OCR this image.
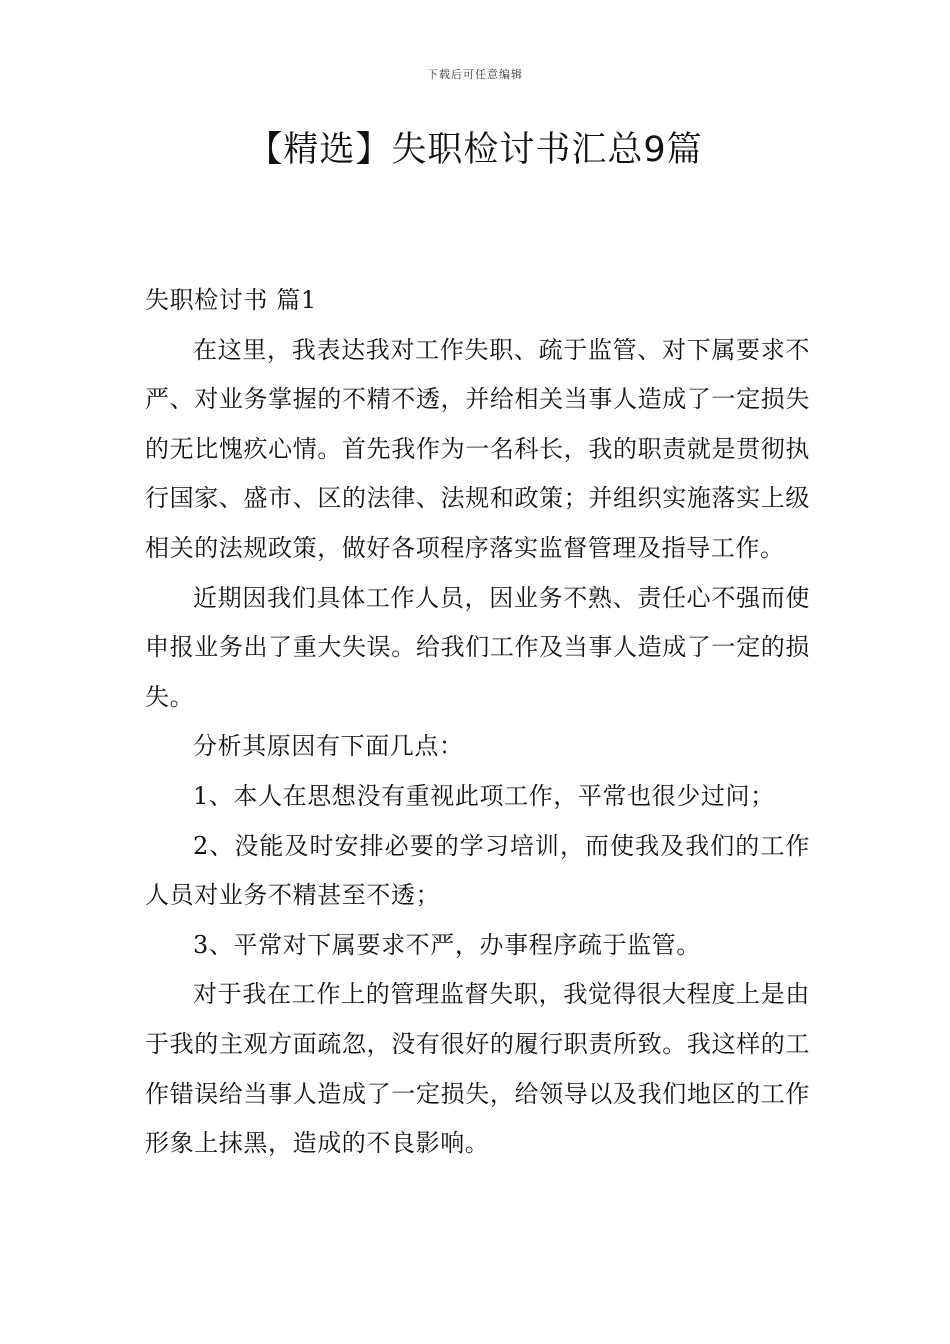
下载后可任意编辑
【精选】失职检讨书汇总9篇

失职检讨书 篇1

在这里，我表达我对工作失职、疏于监管、对下属要求不严、对业务掌握的不精不透，并给相关当事人造成了一定损失的无比愧疚心情。首先我作为一名科长，我的职责就是贯彻执行国家、盛市、区的法律、法规和政策；并组织实施落实上级相关的法规政策，做好各项程序落实监督管理及指导工作。

近期因我们具体工作人员，因业务不熟、责任心不强而使申报业务出了重大失误。给我们工作及当事人造成了一定的损失。

分析其原因有下面几点：

1、本人在思想没有重视此项工作，平常也很少过问；

2、没能及时安排必要的学习培训，而使我及我们的工作人员对业务不精甚至不透；

3、平常对下属要求不严，办事程序疏于监管。

对于我在工作上的管理监督失职，我觉得很大程度上是由于我的主观方面疏忽，没有很好的履行职责所致。我这样的工作错误给当事人造成了一定损失，给领导以及我们地区的工作形象上抹黑，造成的不良影响。
